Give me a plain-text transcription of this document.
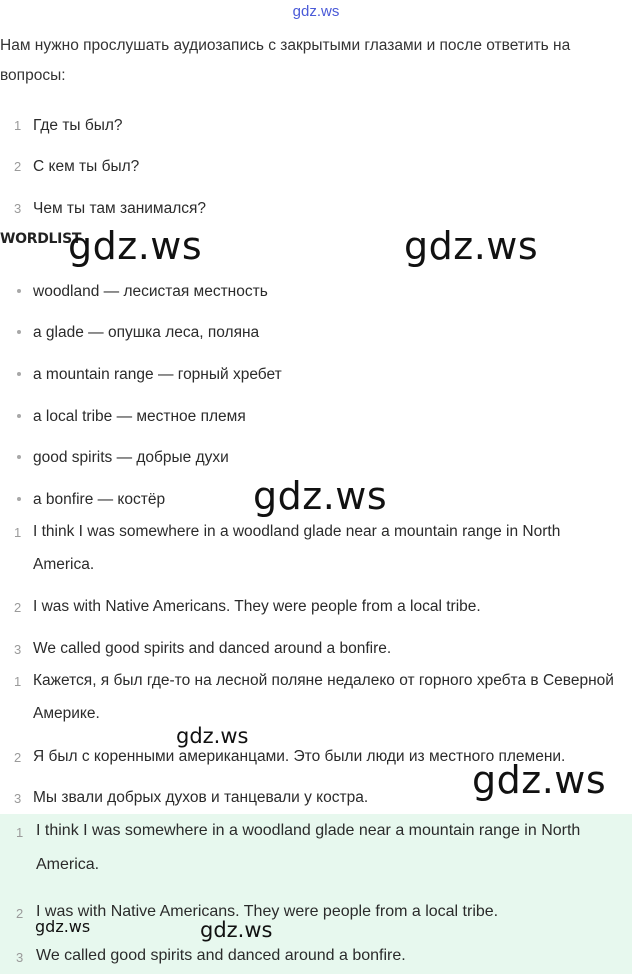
gdz.ws
Нам нужно прослушать аудиозапись с закрытыми глазами и после ответить на вопросы:
1 Где ты был?
2 С кем ты был?
3 Чем ты там занимался?
WORDLIST
woodland — лесистая местность
a glade — опушка леса, поляна
a mountain range — горный хребет
a local tribe — местное племя
good spirits — добрые духи
a bonfire — костёр
1 I think I was somewhere in a woodland glade near a mountain range in North America.
2 I was with Native Americans. They were people from a local tribe.
3 We called good spirits and danced around a bonfire.
1 Кажется, я был где-то на лесной поляне недалеко от горного хребта в Северной Америке.
2 Я был с коренными американцами. Это были люди из местного племени.
3 Мы звали добрых духов и танцевали у костра.
1 I think I was somewhere in a woodland glade near a mountain range in North America.
2 I was with Native Americans. They were people from a local tribe.
3 We called good spirits and danced around a bonfire.
gdz.ws	gdz.ws
gdz.ws
gdz.ws
gdz.ws
gdz.ws	gdz.ws
